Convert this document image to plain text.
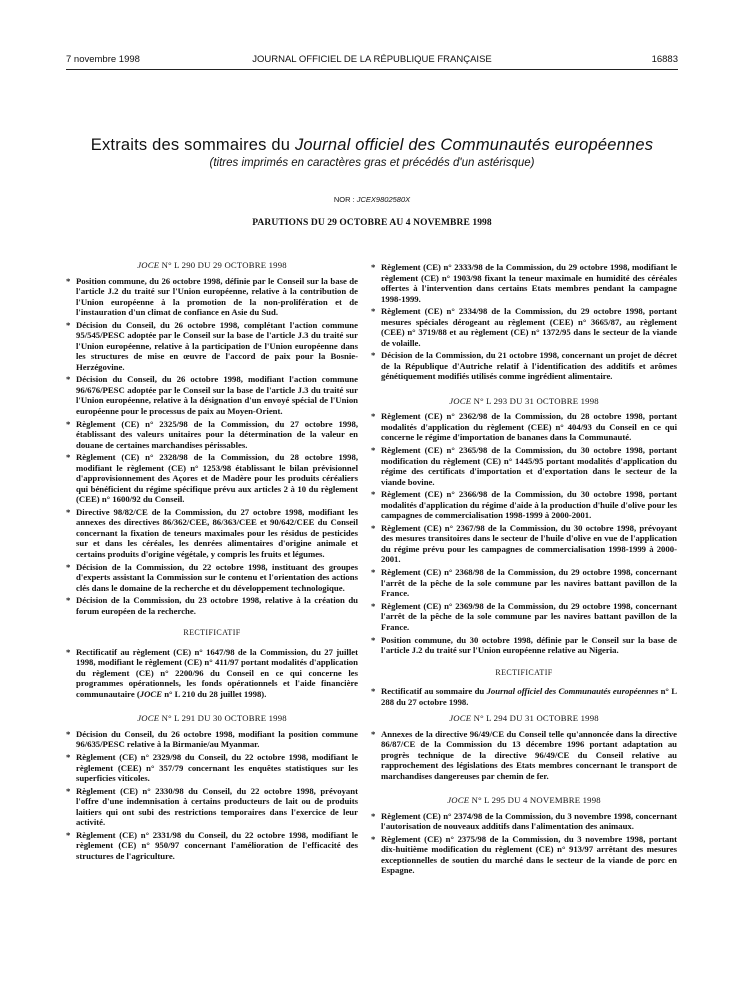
7 novembre 1998	JOURNAL OFFICIEL DE LA RÉPUBLIQUE FRANÇAISE	16883
Extraits des sommaires du Journal officiel des Communautés européennes
(titres imprimés en caractères gras et précédés d'un astérisque)
NOR : JCEX9802580X
PARUTIONS DU 29 OCTOBRE AU 4 NOVEMBRE 1998
JOCE N° L 290 DU 29 OCTOBRE 1998
* Position commune, du 26 octobre 1998, définie par le Conseil sur la base de l'article J.2 du traité sur l'Union européenne, relative à la contribution de l'Union européenne à la promotion de la non-prolifération et de l'instauration d'un climat de confiance en Asie du Sud.
* Décision du Conseil, du 26 octobre 1998, complétant l'action commune 95/545/PESC adoptée par le Conseil sur la base de l'article J.3 du traité sur l'Union européenne, relative à la participation de l'Union européenne dans les structures de mise en œuvre de l'accord de paix pour la Bosnie-Herzégovine.
* Décision du Conseil, du 26 octobre 1998, modifiant l'action commune 96/676/PESC adoptée par le Conseil sur la base de l'article J.3 du traité sur l'Union européenne, relative à la désignation d'un envoyé spécial de l'Union européenne pour le processus de paix au Moyen-Orient.
* Règlement (CE) n° 2325/98 de la Commission, du 27 octobre 1998, établissant des valeurs unitaires pour la détermination de la valeur en douane de certaines marchandises périssables.
* Règlement (CE) n° 2328/98 de la Commission, du 28 octobre 1998, modifiant le règlement (CE) n° 1253/98 établissant le bilan prévisionnel d'approvisionnement des Açores et de Madère pour les produits céréaliers qui bénéficient du régime spécifique prévu aux articles 2 à 10 du règlement (CEE) n° 1600/92 du Conseil.
* Directive 98/82/CE de la Commission, du 27 octobre 1998, modifiant les annexes des directives 86/362/CEE, 86/363/CEE et 90/642/CEE du Conseil concernant la fixation de teneurs maximales pour les résidus de pesticides sur et dans les céréales, les denrées alimentaires d'origine animale et certains produits d'origine végétale, y compris les fruits et légumes.
* Décision de la Commission, du 22 octobre 1998, instituant des groupes d'experts assistant la Commission sur le contenu et l'orientation des actions clés dans le domaine de la recherche et du développement technologique.
* Décision de la Commission, du 23 octobre 1998, relative à la création du forum européen de la recherche.
RECTIFICATIF
* Rectificatif au règlement (CE) n° 1647/98 de la Commission, du 27 juillet 1998, modifiant le règlement (CE) n° 411/97 portant modalités d'application du règlement (CE) n° 2200/96 du Conseil en ce qui concerne les programmes opérationnels, les fonds opérationnels et l'aide financière communautaire (JOCE n° L 210 du 28 juillet 1998).
JOCE N° L 291 DU 30 OCTOBRE 1998
* Décision du Conseil, du 26 octobre 1998, modifiant la position commune 96/635/PESC relative à la Birmanie/au Myanmar.
* Règlement (CE) n° 2329/98 du Conseil, du 22 octobre 1998, modifiant le règlement (CEE) n° 357/79 concernant les enquêtes statistiques sur les superficies viticoles.
* Règlement (CE) n° 2330/98 du Conseil, du 22 octobre 1998, prévoyant l'offre d'une indemnisation à certains producteurs de lait ou de produits laitiers qui ont subi des restrictions temporaires dans l'exercice de leur activité.
* Règlement (CE) n° 2331/98 du Conseil, du 22 octobre 1998, modifiant le règlement (CE) n° 950/97 concernant l'amélioration de l'efficacité des structures de l'agriculture.
* Règlement (CE) n° 2333/98 de la Commission, du 29 octobre 1998, modifiant le règlement (CE) n° 1903/98 fixant la teneur maximale en humidité des céréales offertes à l'intervention dans certains Etats membres pendant la campagne 1998-1999.
* Règlement (CE) n° 2334/98 de la Commission, du 29 octobre 1998, portant mesures spéciales dérogeant au règlement (CEE) n° 3665/87, au règlement (CEE) n° 3719/88 et au règlement (CE) n° 1372/95 dans le secteur de la viande de volaille.
* Décision de la Commission, du 21 octobre 1998, concernant un projet de décret de la République d'Autriche relatif à l'identification des additifs et arômes génétiquement modifiés utilisés comme ingrédient alimentaire.
JOCE N° L 293 DU 31 OCTOBRE 1998
* Règlement (CE) n° 2362/98 de la Commission, du 28 octobre 1998, portant modalités d'application du règlement (CEE) n° 404/93 du Conseil en ce qui concerne le régime d'importation de bananes dans la Communauté.
* Règlement (CE) n° 2365/98 de la Commission, du 30 octobre 1998, portant modification du règlement (CE) n° 1445/95 portant modalités d'application du régime des certificats d'importation et d'exportation dans le secteur de la viande bovine.
* Règlement (CE) n° 2366/98 de la Commission, du 30 octobre 1998, portant modalités d'application du régime d'aide à la production d'huile d'olive pour les campagnes de commercialisation 1998-1999 à 2000-2001.
* Règlement (CE) n° 2367/98 de la Commission, du 30 octobre 1998, prévoyant des mesures transitoires dans le secteur de l'huile d'olive en vue de l'application du régime prévu pour les campagnes de commercialisation 1998-1999 à 2000-2001.
* Règlement (CE) n° 2368/98 de la Commission, du 29 octobre 1998, concernant l'arrêt de la pêche de la sole commune par les navires battant pavillon de la France.
* Règlement (CE) n° 2369/98 de la Commission, du 29 octobre 1998, concernant l'arrêt de la pêche de la sole commune par les navires battant pavillon de la France.
* Position commune, du 30 octobre 1998, définie par le Conseil sur la base de l'article J.2 du traité sur l'Union européenne relative au Nigeria.
RECTIFICATIF
* Rectificatif au sommaire du Journal officiel des Communautés européennes n° L 288 du 27 octobre 1998.
JOCE N° L 294 DU 31 OCTOBRE 1998
* Annexes de la directive 96/49/CE du Conseil telle qu'annoncée dans la directive 86/87/CE de la Commission du 13 décembre 1996 portant adaptation au progrès technique de la directive 96/49/CE du Conseil relative au rapprochement des législations des Etats membres concernant le transport de marchandises dangereuses par chemin de fer.
JOCE N° L 295 DU 4 NOVEMBRE 1998
* Règlement (CE) n° 2374/98 de la Commission, du 3 novembre 1998, concernant l'autorisation de nouveaux additifs dans l'alimentation des animaux.
* Règlement (CE) n° 2375/98 de la Commission, du 3 novembre 1998, portant dix-huitième modification du règlement (CE) n° 913/97 arrêtant des mesures exceptionnelles de soutien du marché dans le secteur de la viande de porc en Espagne.
